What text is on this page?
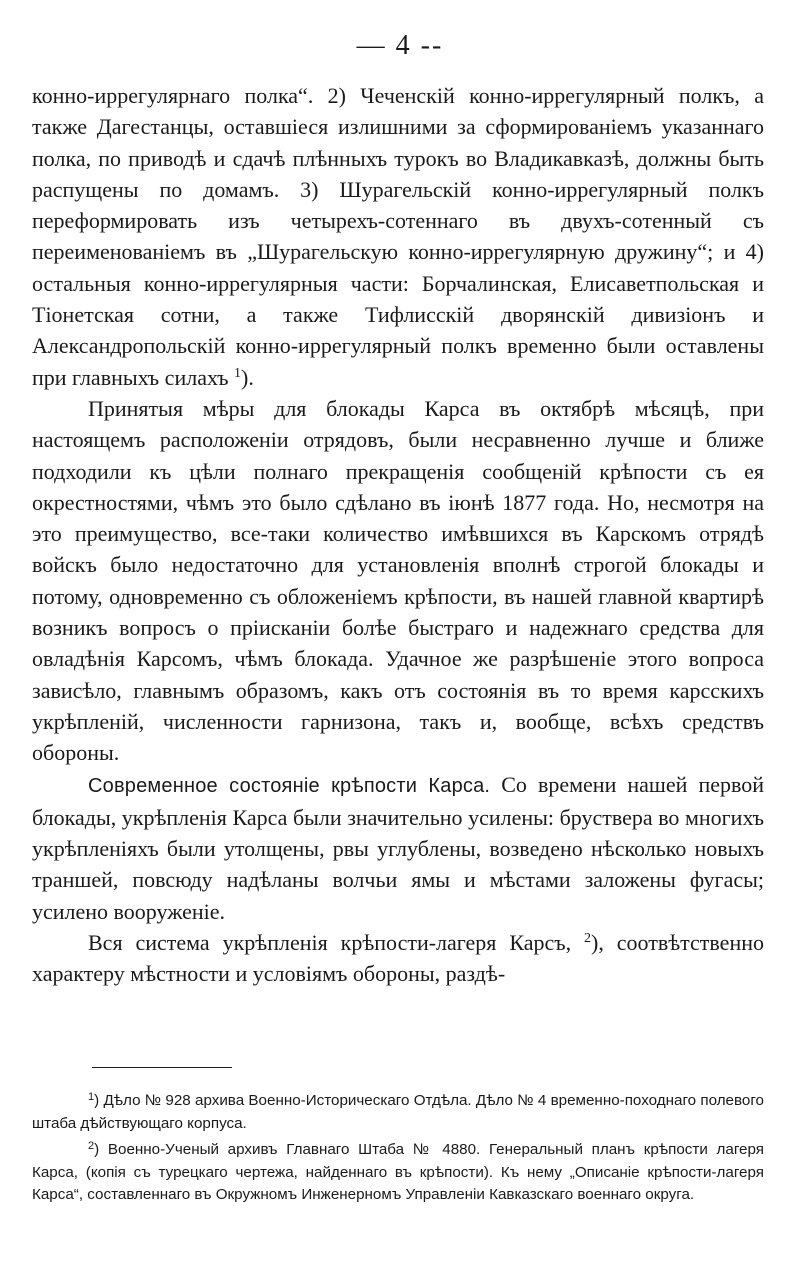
— 4 --

конно-иррегулярнаго полка“. 2) Чеченскій конно-иррегулярный полкъ, а также Дагестанцы, оставшіеся излишними за сформированіемъ указаннаго полка, по приводѣ и сдачѣ плѣнныхъ турокъ во Владикавказѣ, должны быть распущены по домамъ. 3) Шурагельскій конно-иррегулярный полкъ переформировать изъ четырехъ-сотеннаго въ двухъ-сотенный съ переименованіемъ въ „Шурагельскую конно-иррегулярную дружину“; и 4) остальныя конно-иррегулярныя части: Борчалинская, Елисаветпольская и Тіонетская сотни, а также Тифлисскій дворянскій дивизіонъ и Александропольскій конно-иррегулярный полкъ временно были оставлены при главныхъ силахъ $^1$).

Принятыя мѣры для блокады Карса въ октябрѣ мѣсяцѣ, при настоящемъ расположеніи отрядовъ, были несравненно лучше и ближе подходили къ цѣли полнаго прекращенія сообщеній крѣпости съ ея окрестностями, чѣмъ это было сдѣлано въ іюнѣ 1877 года. Но, несмотря на это преимущество, все-таки количество имѣвшихся въ Карскомъ отрядѣ войскъ было недостаточно для установленія вполнѣ строгой блокады и потому, одновременно съ обложеніемъ крѣпости, въ нашей главной квартирѣ возникъ вопросъ о пріисканіи болѣе быстраго и надежнаго средства для овладѣнія Карсомъ, чѣмъ блокада. Удачное же разрѣшеніе этого вопроса зависѣло, главнымъ образомъ, какъ отъ состоянія въ то время карсскихъ укрѣпленій, численности гарнизона, такъ и, вообще, всѣхъ средствъ обороны.

Современное состояніе крѣпости Карса. Со времени нашей первой блокады, укрѣпленія Карса были значительно усилены: брустверa во многихъ укрѣпленіяхъ были утолщены, рвы углублены, возведено нѣсколько новыхъ траншей, повсюду надѣланы волчьи ямы и мѣстами заложены фугасы; усилено вооруженіе.

Вся система укрѣпленія крѣпости-лагеря Карсъ, $^2$), соотвѣтственно характеру мѣстности и условіямъ обороны, раздѣ-

$^1$) Дѣло № 928 архива Военно-Историческаго Отдѣла. Дѣло № 4 временно-походнаго полевого штаба дѣйствующаго корпуса.

$^2$) Военно-Ученый архивъ Главнаго Штаба № 4880. Генеральный планъ крѣпости лагеря Карса, (копія съ турецкаго чертежа, найденнаго въ крѣпости). Къ нему „Описаніе крѣпости-лагеря Карса“, составленнаго въ Окружномъ Инженерномъ Управленіи Кавказскаго военнаго округа.
